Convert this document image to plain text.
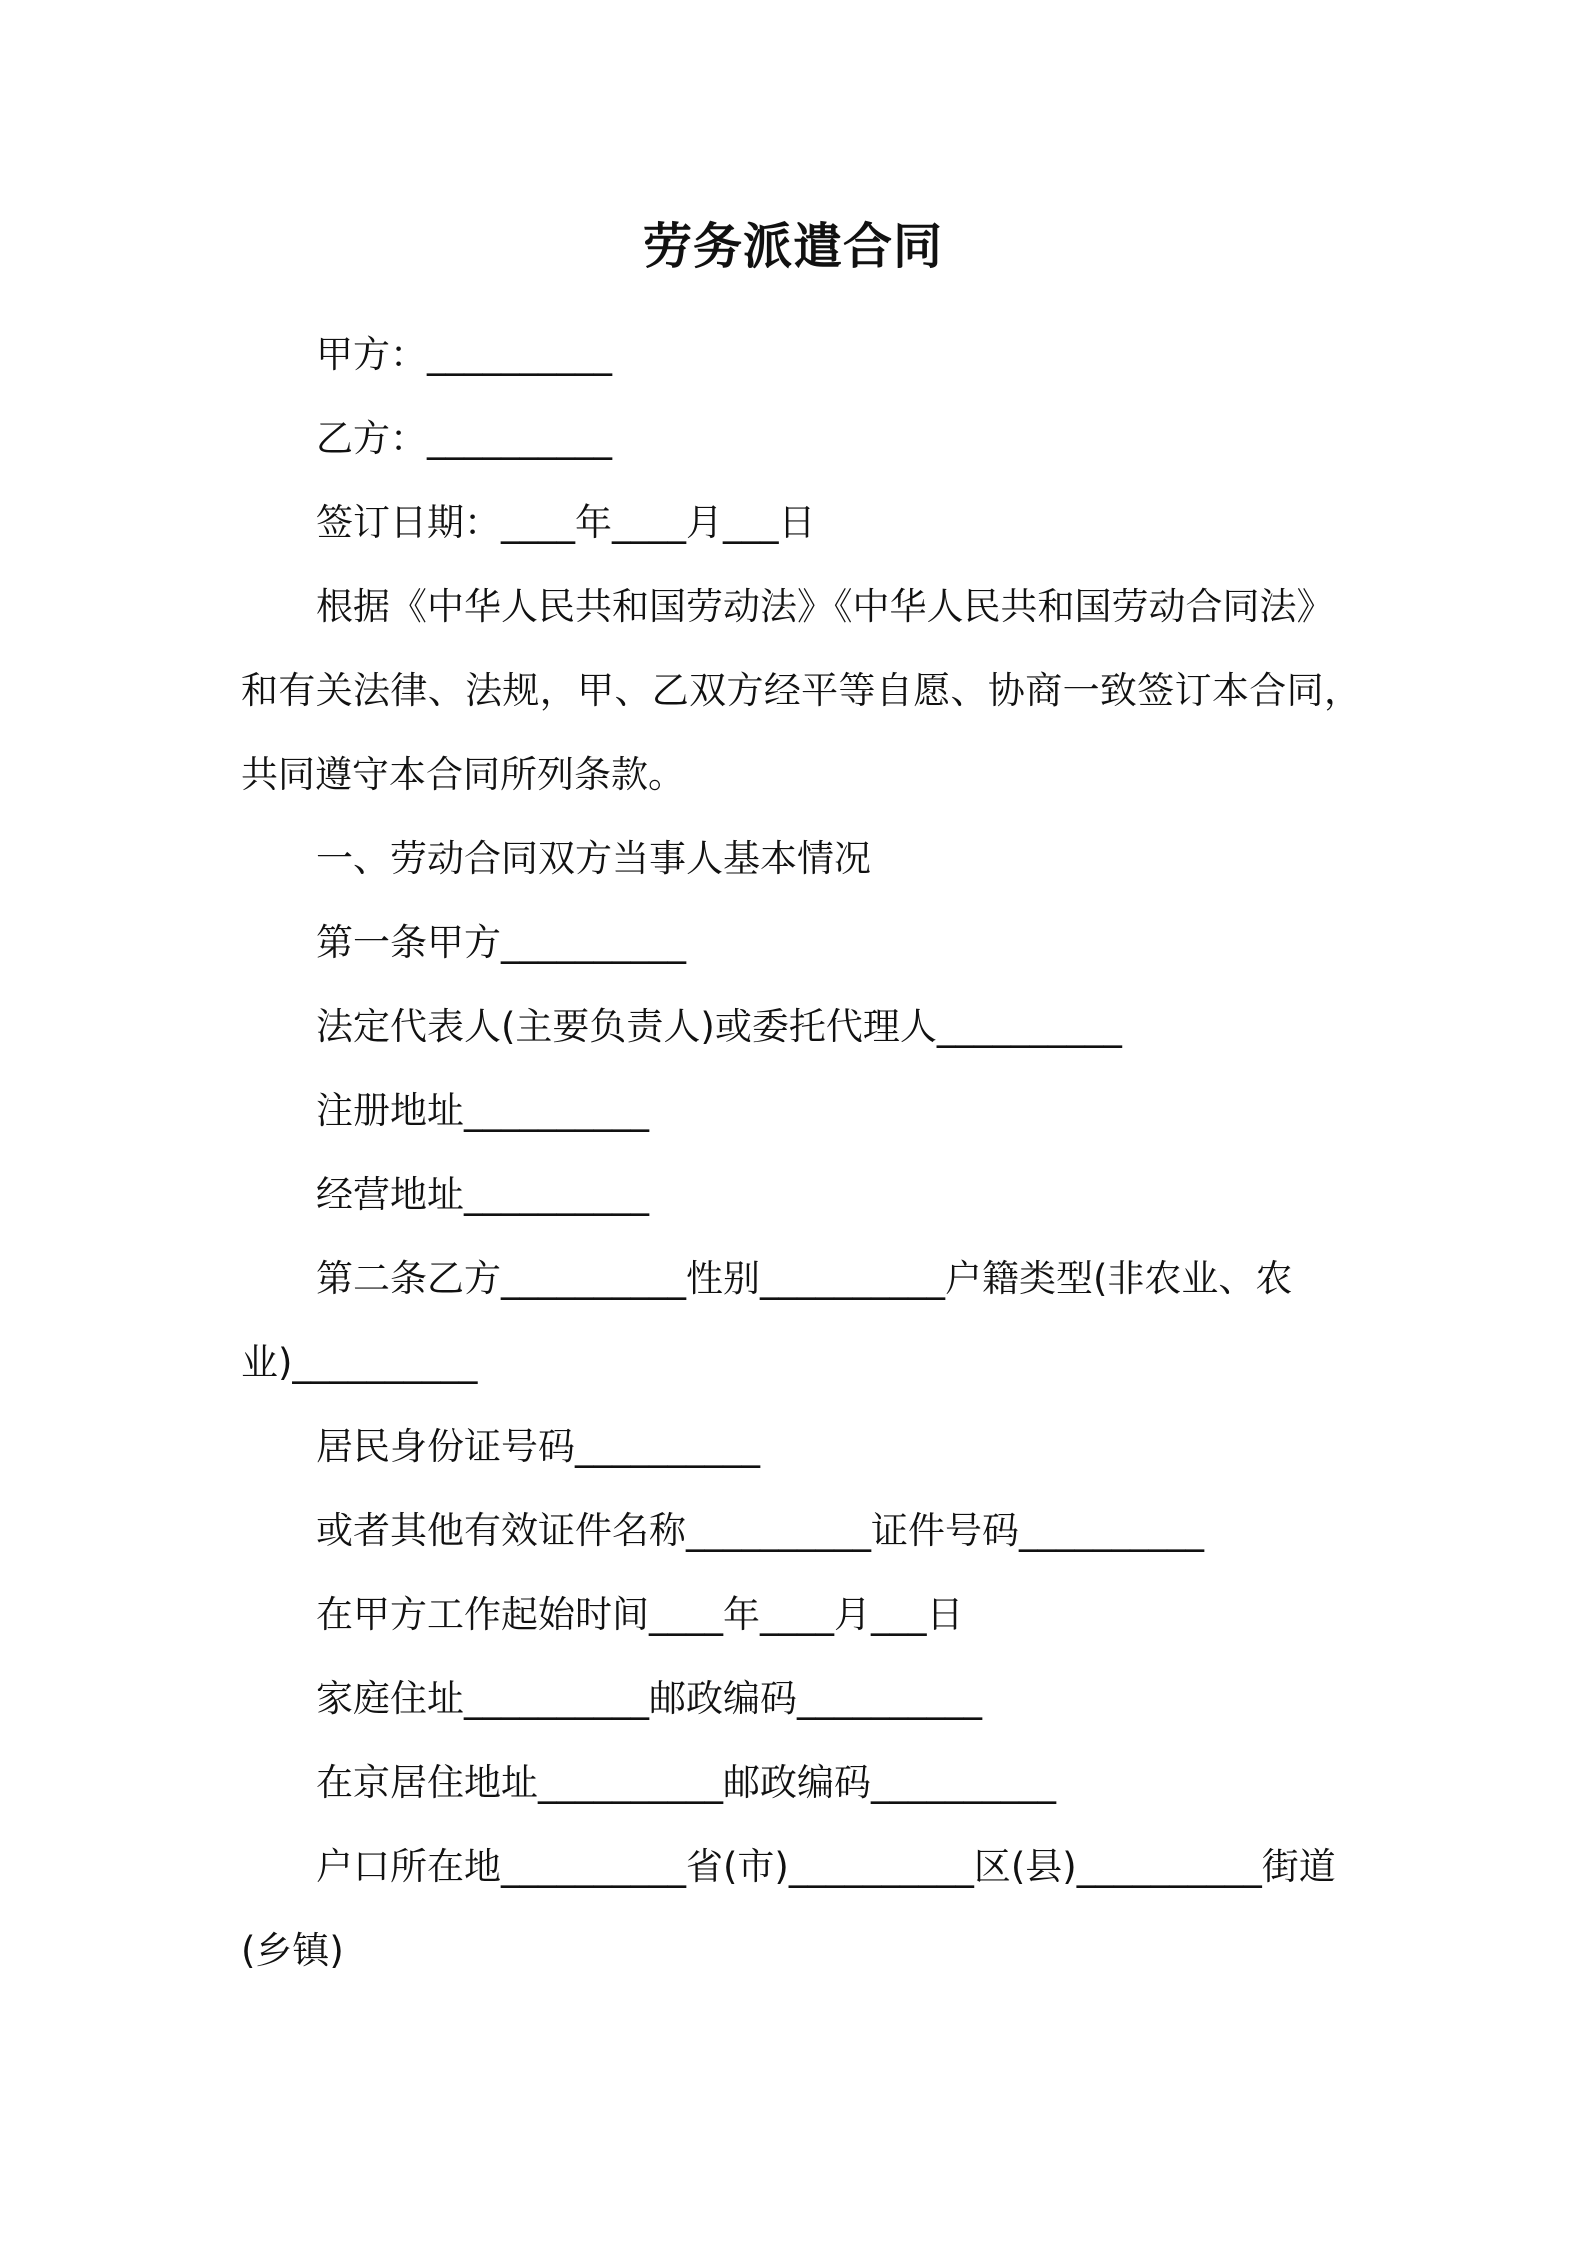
劳务派遣合同
甲方：__________
乙方：__________
签订日期：____年____月___日
根据《中华人民共和国劳动法》《中华人民共和国劳动合同法》
和有关法律、法规，甲、乙双方经平等自愿、协商一致签订本合同，
共同遵守本合同所列条款。
一、劳动合同双方当事人基本情况
第一条甲方__________
法定代表人(主要负责人)或委托代理人__________
注册地址__________
经营地址__________
第二条乙方__________性别__________户籍类型(非农业、农
业)__________
居民身份证号码__________
或者其他有效证件名称__________证件号码__________
在甲方工作起始时间____年____月___日
家庭住址__________邮政编码__________
在京居住地址__________邮政编码__________
户口所在地__________省(市)__________区(县)__________街道
(乡镇)
